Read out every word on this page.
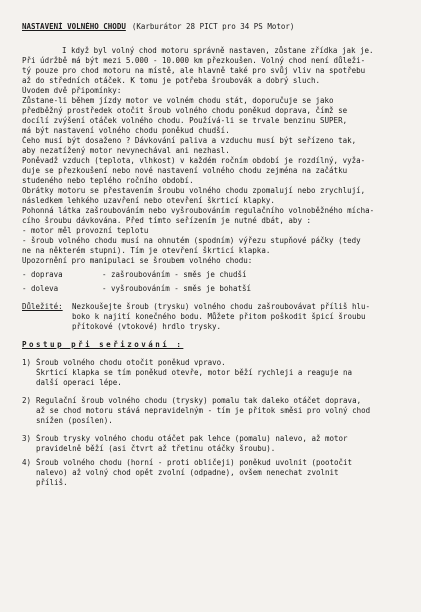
NASTAVENÍ VOLNÉHO CHODU (Karburátor 28 PICT pro 34 PS Motor)
I když byl volný chod motoru správně nastaven, zůstane zřídka jak je.
Při údržbě má být mezi 5.000 - 10.000 km přezkoušen. Volný chod není důleži-
tý pouze pro chod motoru na místě, ale hlavně také pro svůj vliv na spotřebu
až do středních otáček. K tomu je potřeba šroubovák a dobrý sluch.
Úvodem dvě připomínky:
Zůstane-li během jízdy motor ve volném chodu stát, doporučuje se jako
předběžný prostředek otočit šroub volného chodu poněkud doprava, čímž se
docílí zvýšení otáček volného chodu. Používá-li se trvale benzinu SUPER,
má být nastavení volného chodu poněkud chudší.
Čeho musí být dosaženo ? Dávkování paliva a vzduchu musí být seřízeno tak,
aby nezatížený motor nevynechával ani nezhasl.
Poněvadž vzduch (teplota, vlhkost) v každém ročním období je rozdílný, vyža-
duje se přezkoušení nebo nové nastavení volného chodu zejména na začátku
studeného nebo teplého ročního období.
Obrátky motoru se přestavením šroubu volného chodu zpomalují nebo zrychlují,
následkem lehkého uzavření nebo otevření škrticí klapky.
Pohonná látka zašroubováním nebo vyšroubováním regulačního volnoběžného mícha-
cího šroubu dávkována. Před tímto seřízením je nutné dbát, aby :
- motor měl provozní teplotu
- šroub volného chodu musí na ohnutém (spodním) výřezu stupňové páčky (tedy
ne na některém stupni). Tím je otevření škrticí klapka.
Upozornění pro manipulaci se šroubem volného chodu:
- doprava	- zašroubováním - směs je chudší
- doleva	- vyšroubováním - směs je bohatší
Důležité:	Nezkoušejte šroub (trysku) volného chodu zašroubovávat příliš hlu-
boko k najití konečného bodu. Můžete přitom poškodit špicí šroubu
přítokové (vtokové) hrdlo trysky.
Postup při seřizování :
1) Šroub volného chodu otočit poněkud vpravo.
Škrticí klapka se tím poněkud otevře, motor běží rychleji a reaguje na
další operaci lépe.
2) Regulační šroub volného chodu (trysky) pomalu tak daleko otáčet doprava,
až se chod motoru stává nepravidelným - tím je přitok směsi pro volný chod
snížen (posílen).
3) Šroub trysky volného chodu otáčet pak lehce (pomalu) nalevo, až motor
pravidelně běží (asi čtvrt až třetinu otáčky šroubu).
4) Šroub volného chodu (horní - proti obličeji) poněkud uvolnit (pootočit
nalevo) až volný chod opět zvolní (odpadne), ovšem nenechat zvolnit
příliš.
